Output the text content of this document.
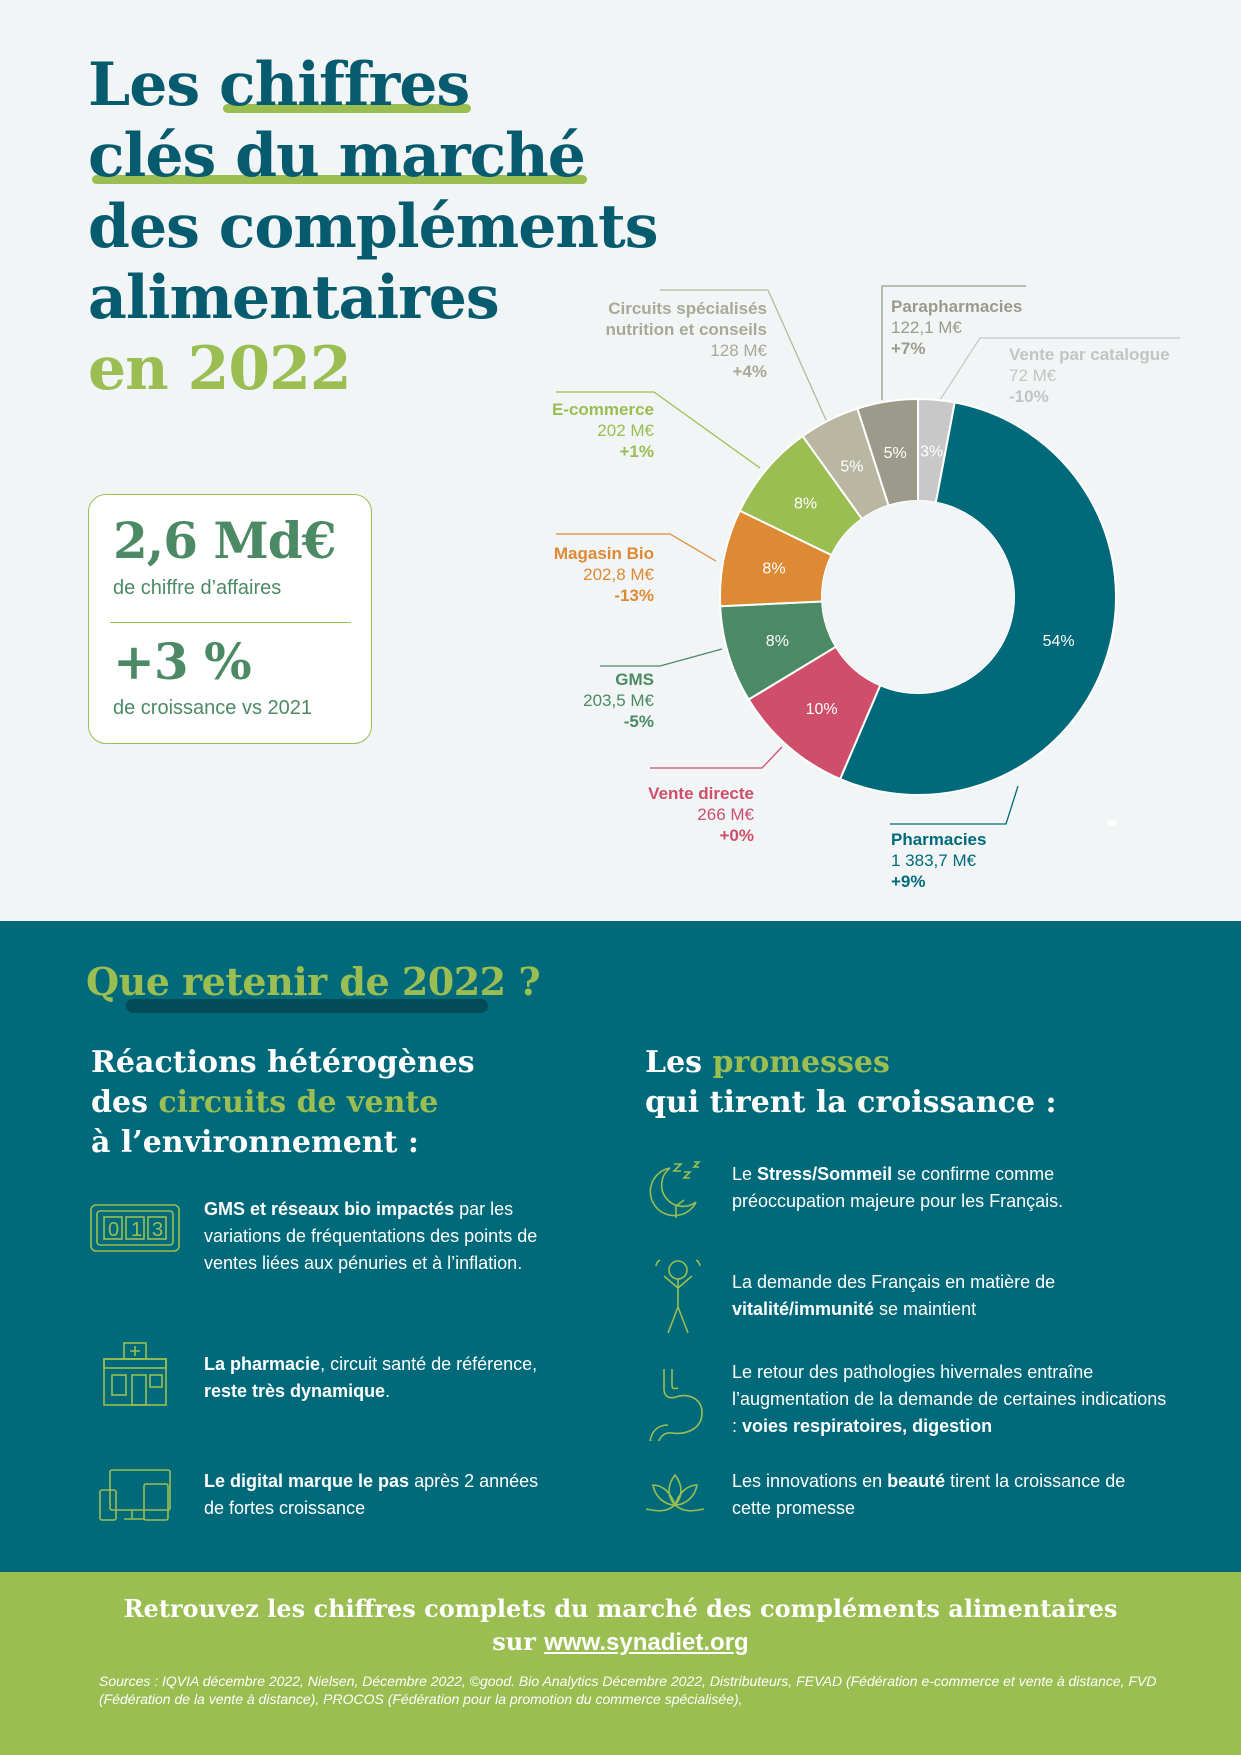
Les chiffres
clés du marché
des compléments
alimentaires
en 2022
2,6 Md€
de chiffre d’affaires
+3 %
de croissance vs 2021
3%
54%
10%
8%
8%
8%
5%
5%
Circuits spécialisés
nutrition et conseils
128 M€
+4%
Parapharmacies
122,1 M€
+7%	Vente par catalogue
72 M€
-10%
E-commerce
202 M€
+1%
Magasin Bio
202,8 M€
-13%
GMS
203,5 M€
-5%
Vente directe
266 M€
+0%	Pharmacies
1 383,7 M€
+9%
Que retenir de 2022 ?
Réactions hétérogènes
des circuits de vente
à l’environnement :
Les promesses
qui tirent la croissance :
0 1 3
GMS et réseaux bio impactés par les variations de fréquentations des points de ventes liées aux pénuries et à l’inflation.
La pharmacie, circuit santé de référence, reste très dynamique.
Le digital marque le pas après 2 années de fortes croissance
Le Stress/Sommeil se confirme comme préoccupation majeure pour les Français.
La demande des Français en matière de vitalité/immunité se maintient
Le retour des pathologies hivernales entraîne l’augmentation de la demande de certaines indications : voies respiratoires, digestion
Les innovations en beauté tirent la croissance de cette promesse
Retrouvez les chiffres complets du marché des compléments alimentaires
sur www.synadiet.org
Sources : IQVIA décembre 2022, Nielsen, Décembre 2022, ©good. Bio Analytics Décembre 2022, Distributeurs, FEVAD (Fédération e-commerce et vente à distance, FVD (Fédération de la vente à distance), PROCOS (Fédération pour la promotion du commerce spécialisée),
